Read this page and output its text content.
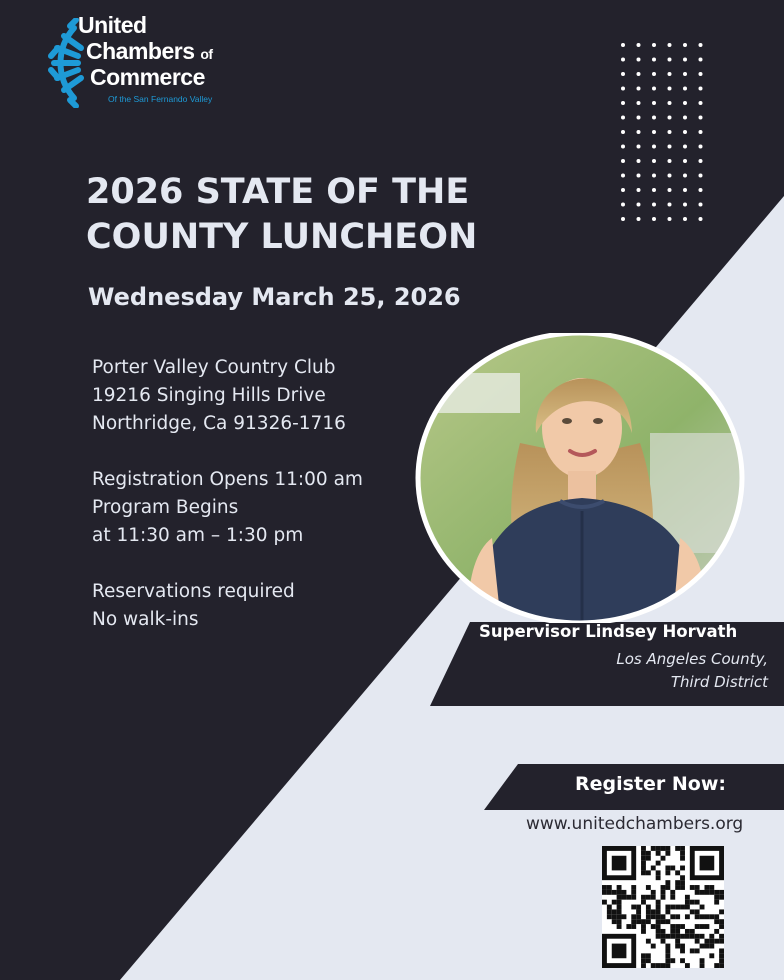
United
Chambers of
Commerce
Of the San Fernando Valley
2026 STATE OF THE COUNTY LUNCHEON
Wednesday March 25, 2026
Porter Valley Country Club
19216 Singing Hills Drive
Northridge, Ca 91326-1716
Registration Opens 11:00 am
Program Begins
at 11:30 am – 1:30 pm
Reservations required
No walk-ins
Supervisor Lindsey Horvath
Los Angeles County,
Third District
Register Now:
www.unitedchambers.org
